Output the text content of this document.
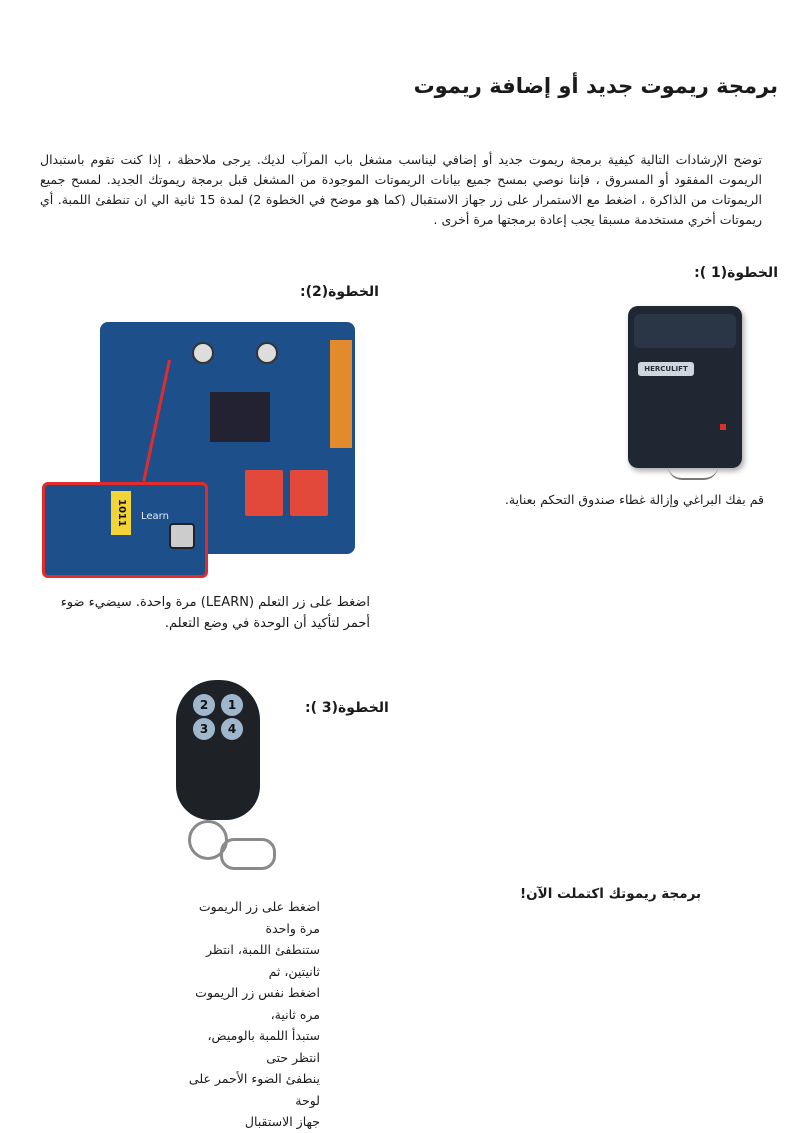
برمجة ريموت جديد أو إضافة ريموت
توضح الإرشادات التالية كيفية برمجة ريموت جديد أو إضافي ليناسب مشغل باب المرآب لديك. يرجى ملاحظة ، إذا كنت تقوم باستبدال الريموت المفقود أو المسروق ، فإننا نوصي بمسح جميع بيانات الريموتات الموجودة من المشغل قبل برمجة ريموتك الجديد. لمسح جميع الريموتات من الذاكرة ، اضغط مع الاستمرار على زر جهاز الاستقبال (كما هو موضح في الخطوة 2) لمدة 15 ثانية الي ان تنطفئ اللمبة. أي ريموتات أخري مستخدمة مسبقا يجب إعادة برمجتها مرة أخرى .
الخطوة(1 ):
HERCULIFT
قم بفك البراغي وإزالة غطاء صندوق التحكم بعناية.
الخطوة(2):
1011	Learn
اضغط على زر التعلم (LEARN) مرة واحدة. سيضيء ضوء أحمر لتأكيد أن الوحدة في وضع التعلم.
الخطوة(3 ):
2	1
3	4
اضغط على زر الريموت مرة واحدة
ستنطفئ اللمبة، انتظر ثانيتين، ثم
اضغط نفس زر الريموت مره ثانية،
ستبدأ اللمبة بالوميض، انتظر حتى
ينطفئ الضوء الأحمر على لوحة
جهاز الاستقبال
برمجة ريموتك اكتملت الآن!
